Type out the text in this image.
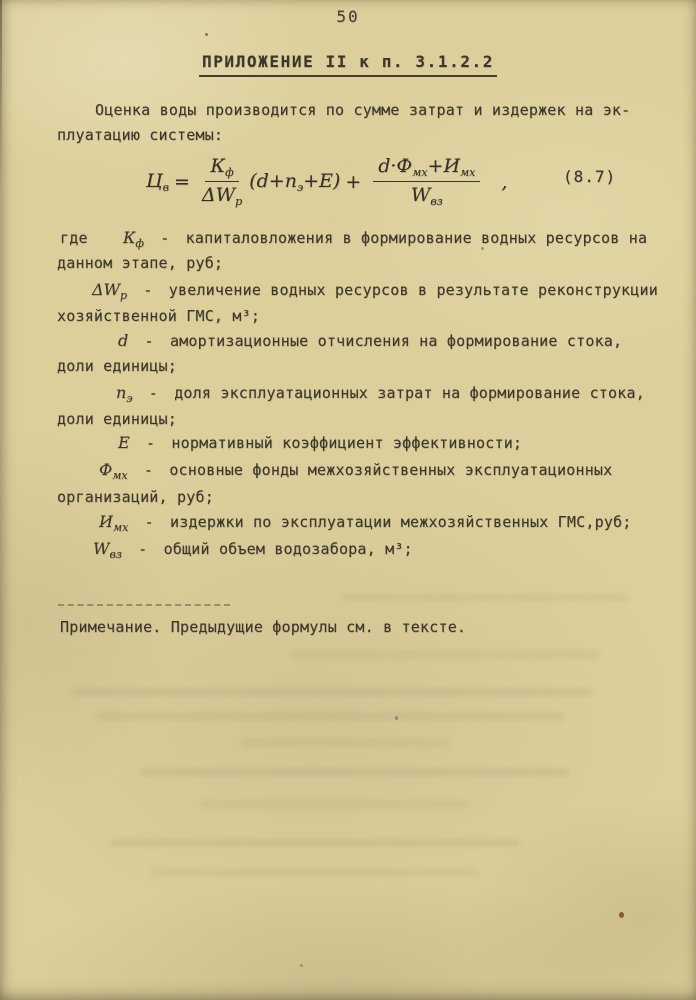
50
ПРИЛОЖЕНИЕ II к п. 3.1.2.2
Оценка воды производится по сумме затрат и издержек на эк-
плуатацию системы:
$Ц_в = \frac{К_ф}{\Delta W_р} (d+n_э+Е) + \frac{d\cdot Ф_{мх}+И_{мх}}{W_{вз}}$ ,	(8.7)
где $К_ф$ - капиталовложения в формирование водных ресурсов на
данном этапе, руб;
$\Delta W_р$ - увеличение водных ресурсов в результате реконструкции
хозяйственной ГМС, м³;
d - амортизационные отчисления на формирование стока,
доли единицы;
$n_э$ - доля эксплуатационных затрат на формирование стока,
доли единицы;
Е - нормативный коэффициент эффективности;
$Ф_{мх}$ - основные фонды межхозяйственных эксплуатационных
организаций, руб;
$И_{мх}$ - издержки по эксплуатации межхозяйственных ГМС,руб;
$W_{вз}$ - общий объем водозабора, м³;
Примечание. Предыдущие формулы см. в тексте.
